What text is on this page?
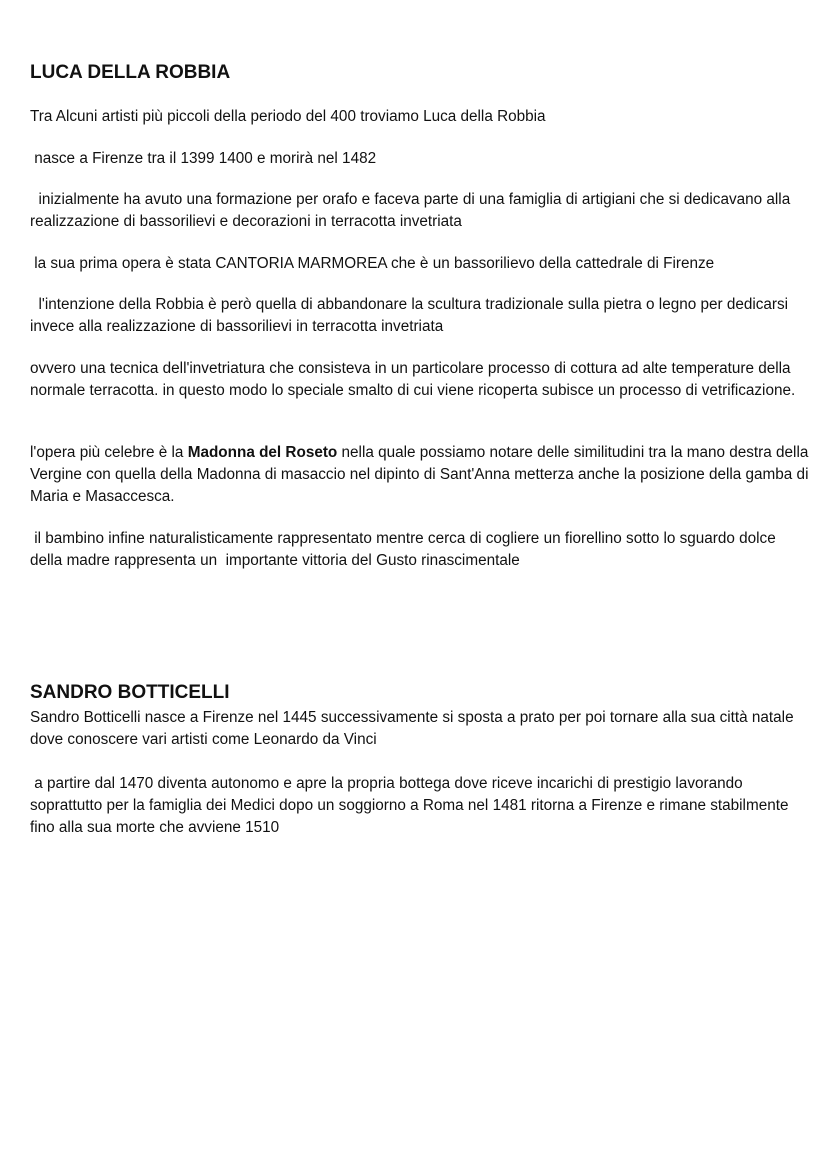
LUCA DELLA ROBBIA

Tra Alcuni artisti più piccoli della periodo del 400 troviamo Luca della Robbia

nasce a Firenze tra il 1399 1400 e morirà nel 1482

inizialmente ha avuto una formazione per orafo e faceva parte di una famiglia di artigiani che si dedicavano alla realizzazione di bassorilievi e decorazioni in terracotta invetriata

la sua prima opera è stata CANTORIA MARMOREA che è un bassorilievo della cattedrale di Firenze

l'intenzione della Robbia è però quella di abbandonare la scultura tradizionale sulla pietra o legno per dedicarsi invece alla realizzazione di bassorilievi in terracotta invetriata

ovvero una tecnica dell'invetriatura che consisteva in un particolare processo di cottura ad alte temperature della normale terracotta. in questo modo lo speciale smalto di cui viene ricoperta subisce un processo di vetrificazione.

l'opera più celebre è la Madonna del Roseto nella quale possiamo notare delle similitudini tra la mano destra della Vergine con quella della Madonna di masaccio nel dipinto di Sant'Anna metterza anche la posizione della gamba di Maria e Masaccesca.

il bambino infine naturalisticamente rappresentato mentre cerca di cogliere un fiorellino sotto lo sguardo dolce della madre rappresenta un  importante vittoria del Gusto rinascimentale

SANDRO BOTTICELLI

Sandro Botticelli nasce a Firenze nel 1445 successivamente si sposta a prato per poi tornare alla sua città natale dove conoscere vari artisti come Leonardo da Vinci

a partire dal 1470 diventa autonomo e apre la propria bottega dove riceve incarichi di prestigio lavorando soprattutto per la famiglia dei Medici dopo un soggiorno a Roma nel 1481 ritorna a Firenze e rimane stabilmente fino alla sua morte che avviene 1510
